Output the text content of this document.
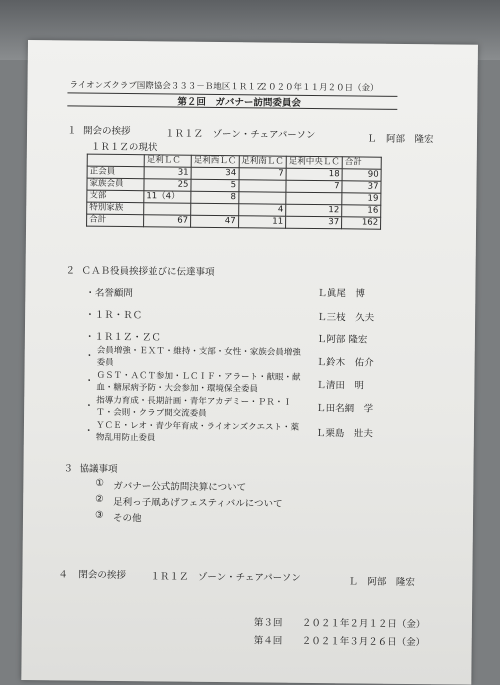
ライオンズクラブ国際協会３３３－Ｂ地区１Ｒ１Ｚ
２０２０年１１月２０日（金）
第２回　ガバナー訪問委員会
１ 開会の挨拶	１Ｒ１Ｚ　ゾーン・チェアパーソン	Ｌ　阿部　隆宏
１Ｒ１Ｚの現状
	足利ＬＣ	足利西ＬＣ	足利南ＬＣ	足利中央ＬＣ	合計
正会員	31	34	7	18	90
家族会員	25	5		7	37
支部	11（4）	8			19
特別家族			4	12	16
合計	67	47	11	37	162
２ ＣＡＢ役員挨拶並びに伝達事項
・名誉顧問	Ｌ眞尾　博
・１Ｒ・ＲＣ	Ｌ三枝　久夫
・１Ｒ１Ｚ・ＺＣ	Ｌ阿部 隆宏
・ 会員増強・ＥＸＴ・維持・支部・女性・家族会員増強
委員	Ｌ鈴木　佑介
・ ＧＳＴ・ＡＣＴ参加・ＬＣＩＦ・アラート・献眼・献
血・糖尿病予防・大会参加・環境保全委員	Ｌ清田　明
・ 指導力育成・長期計画・青年アカデミー・ＰＲ・Ｉ
Ｔ・会則・クラブ間交流委員	Ｌ田名網　学
・ ＹＣＥ・レオ・青少年育成・ライオンズクエスト・薬
物乱用防止委員	Ｌ栗島　壯夫
３ 協議事項
① ガバナー公式訪問決算について
② 足利っ子凧あげフェスティバルについて
③ その他
４ 閉会の挨拶	１Ｒ１Ｚ　ゾーン・チェアパーソン	Ｌ　阿部　隆宏
第３回 ２０２１年２月１２日（金）
第４回 ２０２１年３月２６日（金）
